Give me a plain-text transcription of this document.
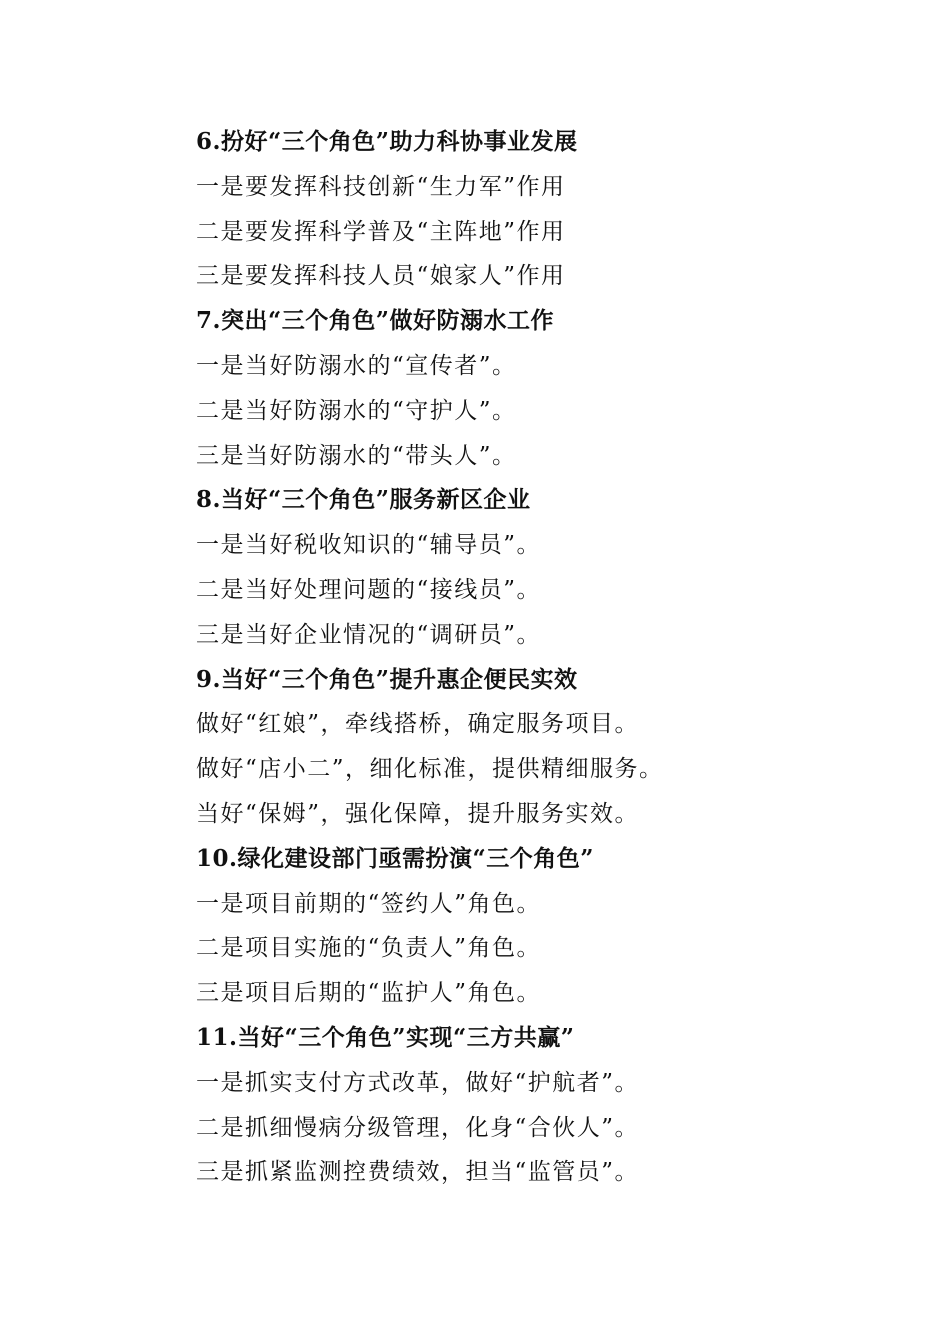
6.扮好“三个角色”助力科协事业发展
一是要发挥科技创新“生力军”作用
二是要发挥科学普及“主阵地”作用
三是要发挥科技人员“娘家人”作用
7.突出“三个角色”做好防溺水工作
一是当好防溺水的“宣传者”。
二是当好防溺水的“守护人”。
三是当好防溺水的“带头人”。
8.当好“三个角色”服务新区企业
一是当好税收知识的“辅导员”。
二是当好处理问题的“接线员”。
三是当好企业情况的“调研员”。
9.当好“三个角色”提升惠企便民实效
做好“红娘”，牵线搭桥，确定服务项目。
做好“店小二”，细化标准，提供精细服务。
当好“保姆”，强化保障，提升服务实效。
10.绿化建设部门亟需扮演“三个角色”
一是项目前期的“签约人”角色。
二是项目实施的“负责人”角色。
三是项目后期的“监护人”角色。
11.当好“三个角色”实现“三方共赢”
一是抓实支付方式改革，做好“护航者”。
二是抓细慢病分级管理，化身“合伙人”。
三是抓紧监测控费绩效，担当“监管员”。
